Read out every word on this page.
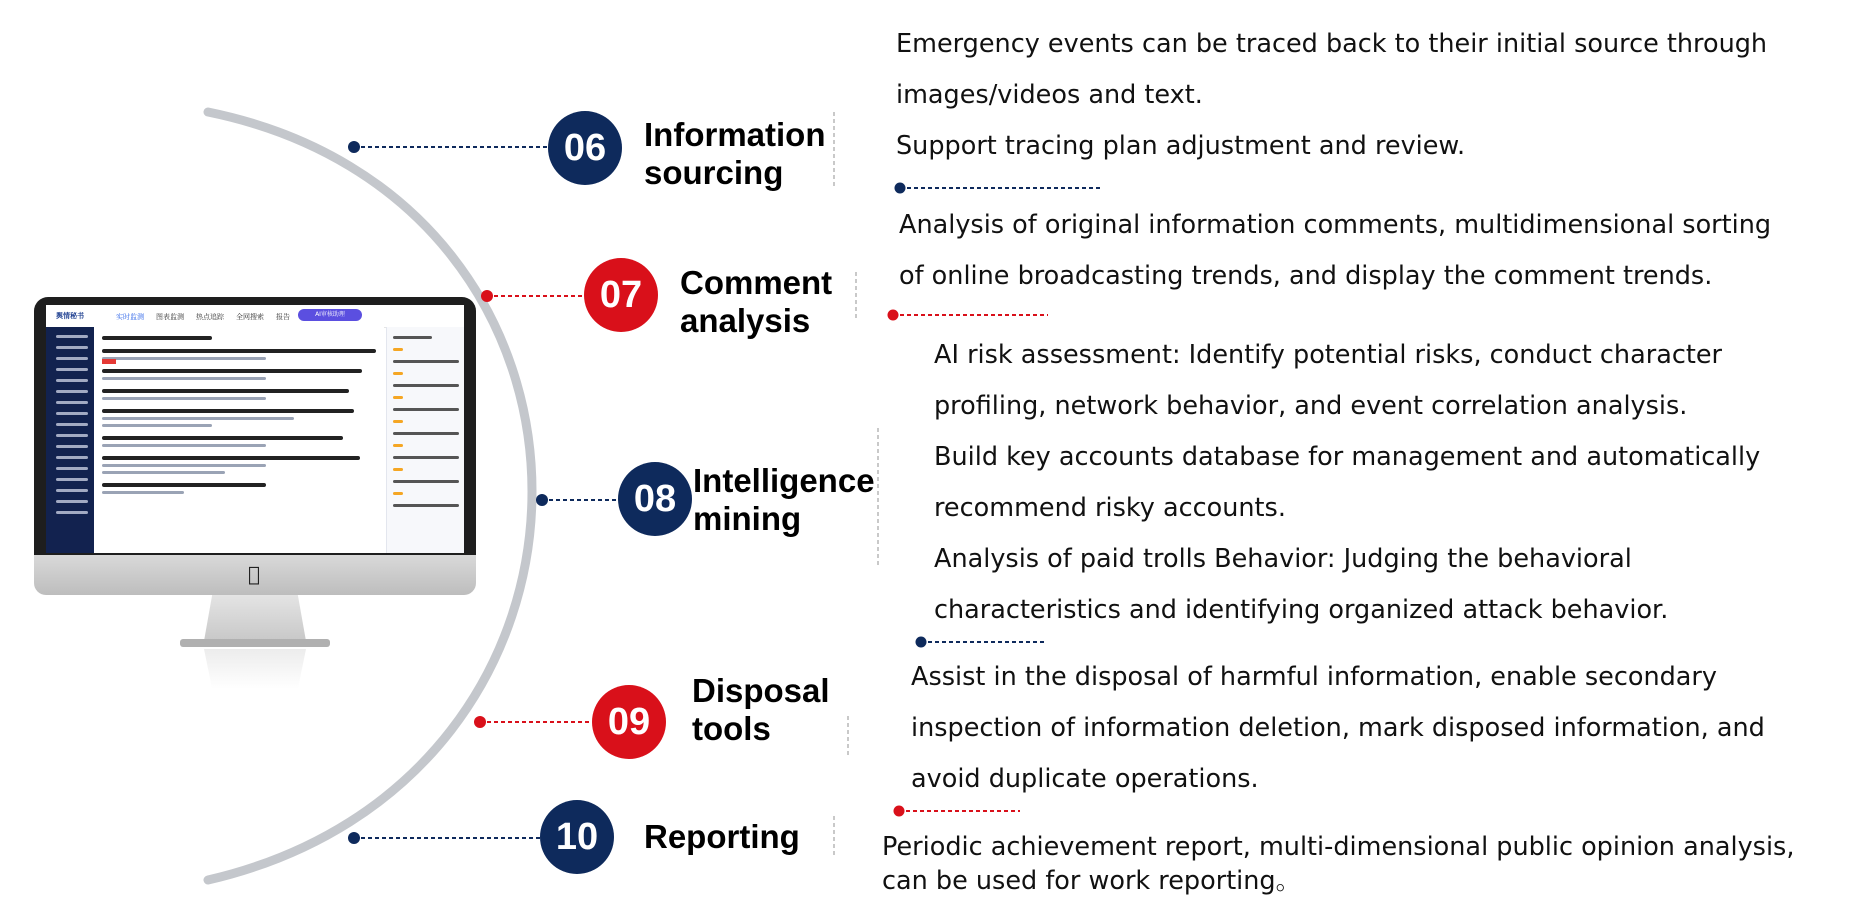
舆情秘书	实时监测 图表监测 热点追踪 全网搜索 报告	AI审核助理
06	Information
sourcing
Emergency events can be traced back to their initial source through
images/videos and text.
Support tracing plan adjustment and review.
07	Comment
analysis
Analysis of original information comments, multidimensional sorting
of online broadcasting trends, and display the comment trends.
08 Intelligence
mining
AI risk assessment: Identify potential risks, conduct character
profiling, network behavior, and event correlation analysis.
Build key accounts database for management and automatically
recommend risky accounts.
Analysis of paid trolls Behavior: Judging the behavioral
characteristics and identifying organized attack behavior.
09
Disposal
tools
Assist in the disposal of harmful information, enable secondary
inspection of information deletion, mark disposed information, and
avoid duplicate operations.
10	Reporting	Periodic achievement report, multi-dimensional public opinion analysis,
can be used for work reporting。
